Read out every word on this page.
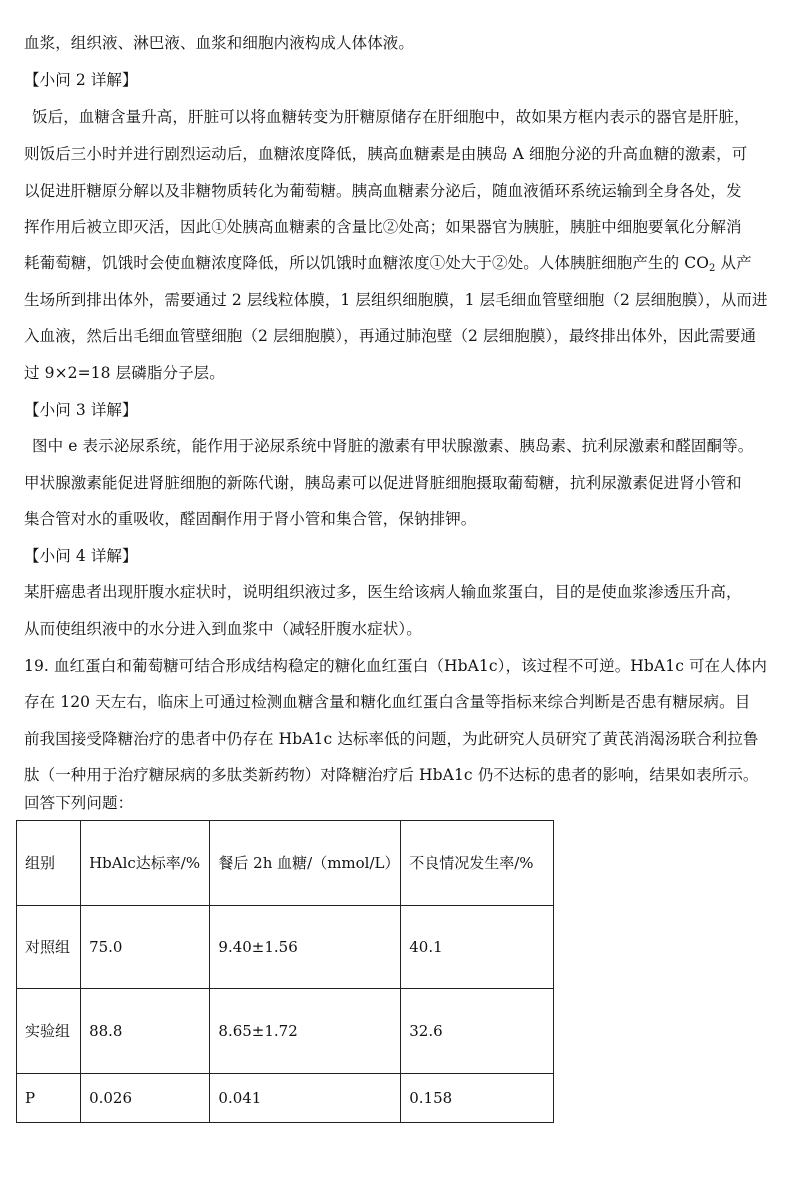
血浆，组织液、淋巴液、血浆和细胞内液构成人体体液。
【小问 2 详解】
饭后，血糖含量升高，肝脏可以将血糖转变为肝糖原储存在肝细胞中，故如果方框内表示的器官是肝脏，
则饭后三小时并进行剧烈运动后，血糖浓度降低，胰高血糖素是由胰岛 A 细胞分泌的升高血糖的激素，可
以促进肝糖原分解以及非糖物质转化为葡萄糖。胰高血糖素分泌后，随血液循环系统运输到全身各处，发
挥作用后被立即灭活，因此①处胰高血糖素的含量比②处高；如果器官为胰脏，胰脏中细胞要氧化分解消
耗葡萄糖，饥饿时会使血糖浓度降低，所以饥饿时血糖浓度①处大于②处。人体胰脏细胞产生的 $CO_2$ 从产
生场所到排出体外，需要通过 2 层线粒体膜，1 层组织细胞膜，1 层毛细血管壁细胞（2 层细胞膜），从而进
入血液，然后出毛细血管壁细胞（2 层细胞膜），再通过肺泡壁（2 层细胞膜），最终排出体外，因此需要通
过 9×2=18 层磷脂分子层。
【小问 3 详解】
图中 e 表示泌尿系统，能作用于泌尿系统中肾脏的激素有甲状腺激素、胰岛素、抗利尿激素和醛固酮等。
甲状腺激素能促进肾脏细胞的新陈代谢，胰岛素可以促进肾脏细胞摄取葡萄糖，抗利尿激素促进肾小管和
集合管对水的重吸收，醛固酮作用于肾小管和集合管，保钠排钾。
【小问 4 详解】
某肝癌患者出现肝腹水症状时，说明组织液过多，医生给该病人输血浆蛋白，目的是使血浆渗透压升高，
从而使组织液中的水分进入到血浆中（减轻肝腹水症状）。
19. 血红蛋白和葡萄糖可结合形成结构稳定的糖化血红蛋白（HbA1c），该过程不可逆。HbA1c 可在人体内
存在 120 天左右，临床上可通过检测血糖含量和糖化血红蛋白含量等指标来综合判断是否患有糖尿病。目
前我国接受降糖治疗的患者中仍存在 HbA1c 达标率低的问题，为此研究人员研究了黄芪消渴汤联合利拉鲁
肽（一种用于治疗糖尿病的多肽类新药物）对降糖治疗后 HbA1c 仍不达标的患者的影响，结果如表所示。
回答下列问题：
组别	HbAlc达标率/%	餐后 2h 血糖/（mmol/L）	不良情况发生率/%
对照组	75.0	9.40±1.56	40.1
实验组	88.8	8.65±1.72	32.6
P	0.026	0.041	0.158
